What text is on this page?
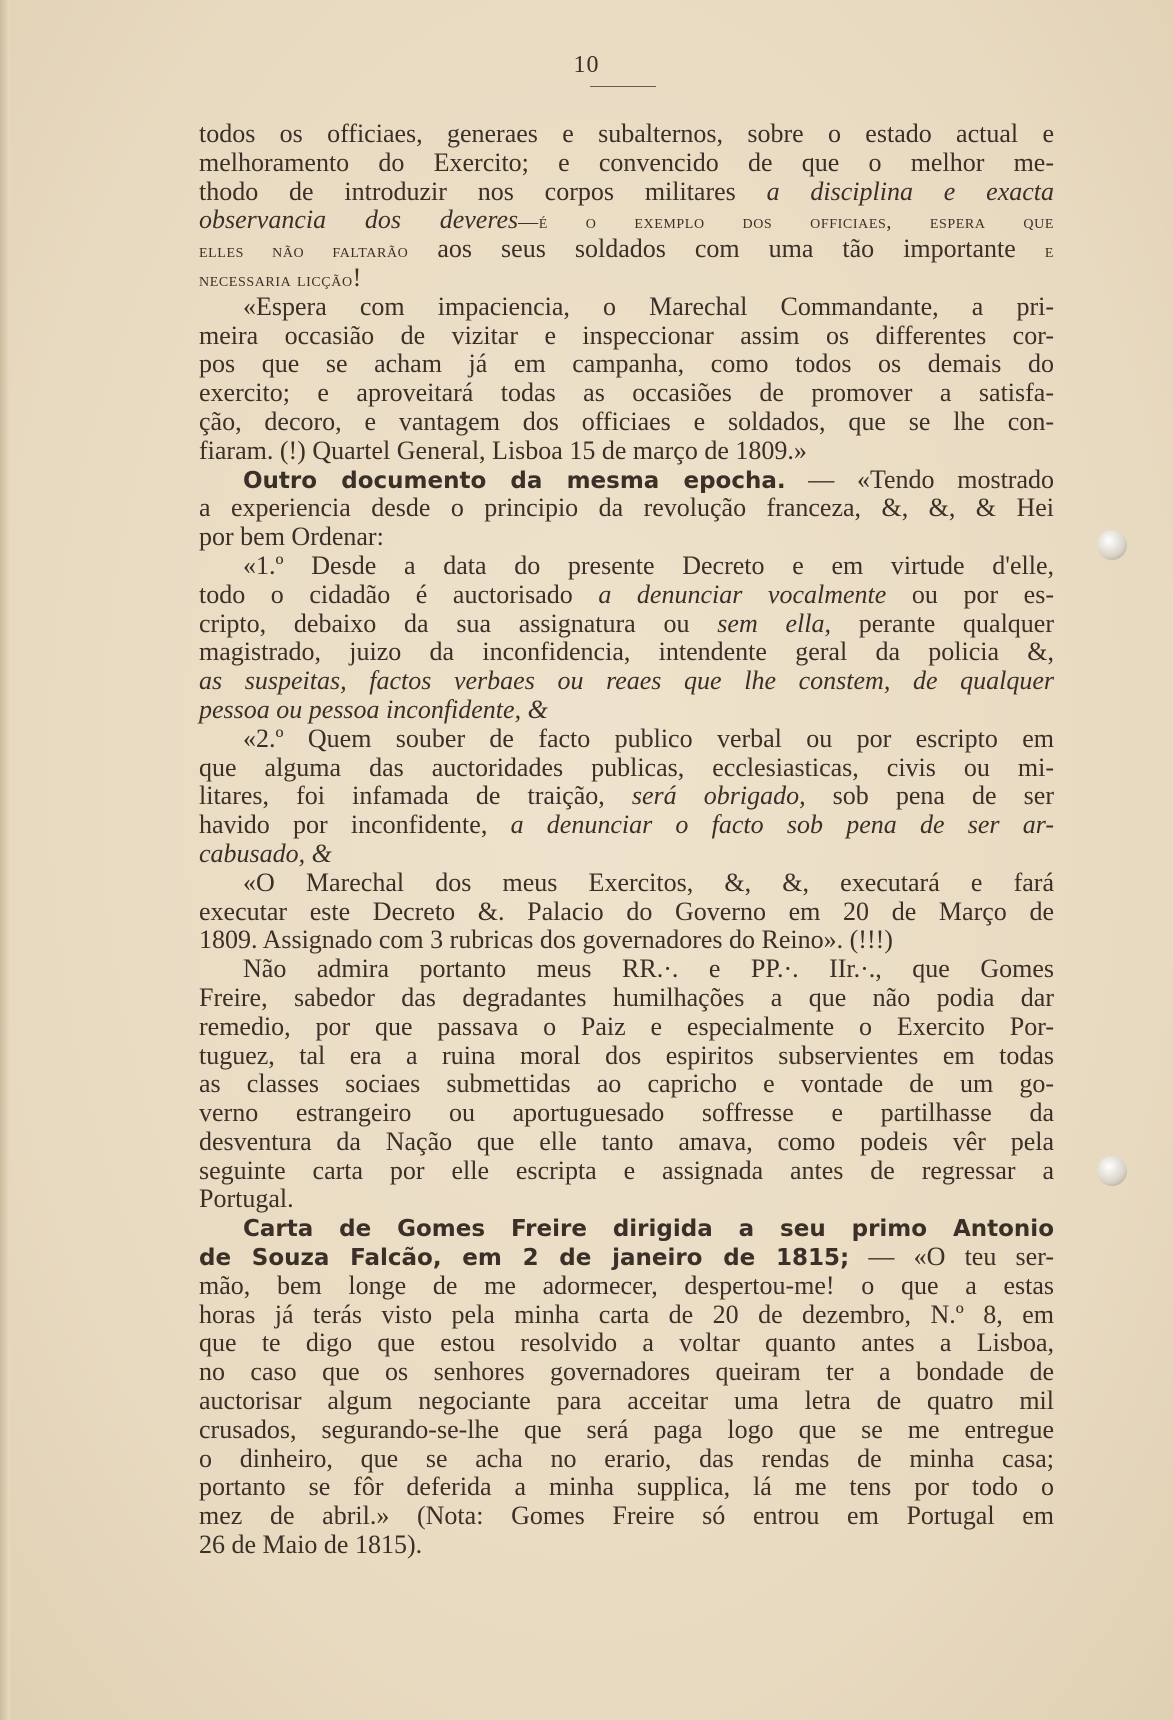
10
todos os officiaes, generaes e subalternos, sobre o estado actual e
melhoramento do Exercito; e convencido de que o melhor me-
thodo de introduzir nos corpos militares a disciplina e exacta
observancia dos deveres—é o exemplo dos officiaes, espera que
elles não faltarão aos seus soldados com uma tão importante e
necessaria licção!
«Espera com impaciencia, o Marechal Commandante, a pri-
meira occasião de vizitar e inspeccionar assim os differentes cor-
pos que se acham já em campanha, como todos os demais do
exercito; e aproveitará todas as occasiões de promover a satisfa-
ção, decoro, e vantagem dos officiaes e soldados, que se lhe con-
fiaram. (!) Quartel General, Lisboa 15 de março de 1809.»
Outro documento da mesma epocha. — «Tendo mostrado
a experiencia desde o principio da revolução franceza, &, &, & Hei
por bem Ordenar:
«1.º Desde a data do presente Decreto e em virtude d'elle,
todo o cidadão é auctorisado a denunciar vocalmente ou por es-
cripto, debaixo da sua assignatura ou sem ella, perante qualquer
magistrado, juizo da inconfidencia, intendente geral da policia &,
as suspeitas, factos verbaes ou reaes que lhe constem, de qualquer
pessoa ou pessoa inconfidente, &
«2.º Quem souber de facto publico verbal ou por escripto em
que alguma das auctoridades publicas, ecclesiasticas, civis ou mi-
litares, foi infamada de traição, será obrigado, sob pena de ser
havido por inconfidente, a denunciar o facto sob pena de ser ar-
cabusado, &
«O Marechal dos meus Exercitos, &, &, executará e fará
executar este Decreto &. Palacio do Governo em 20 de Março de
1809. Assignado com 3 rubricas dos governadores do Reino». (!!!)
Não admira portanto meus RR.·. e PP.·. IIr.·., que Gomes
Freire, sabedor das degradantes humilhações a que não podia dar
remedio, por que passava o Paiz e especialmente o Exercito Por-
tuguez, tal era a ruina moral dos espiritos subservientes em todas
as classes sociaes submettidas ao capricho e vontade de um go-
verno estrangeiro ou aportuguesado soffresse e partilhasse da
desventura da Nação que elle tanto amava, como podeis vêr pela
seguinte carta por elle escripta e assignada antes de regressar a
Portugal.
Carta de Gomes Freire dirigida a seu primo Antonio
de Souza Falcão, em 2 de janeiro de 1815; — «O teu ser-
mão, bem longe de me adormecer, despertou-me! o que a estas
horas já terás visto pela minha carta de 20 de dezembro, N.º 8, em
que te digo que estou resolvido a voltar quanto antes a Lisboa,
no caso que os senhores governadores queiram ter a bondade de
auctorisar algum negociante para acceitar uma letra de quatro mil
crusados, segurando-se-lhe que será paga logo que se me entregue
o dinheiro, que se acha no erario, das rendas de minha casa;
portanto se fôr deferida a minha supplica, lá me tens por todo o
mez de abril.» (Nota: Gomes Freire só entrou em Portugal em
26 de Maio de 1815).
